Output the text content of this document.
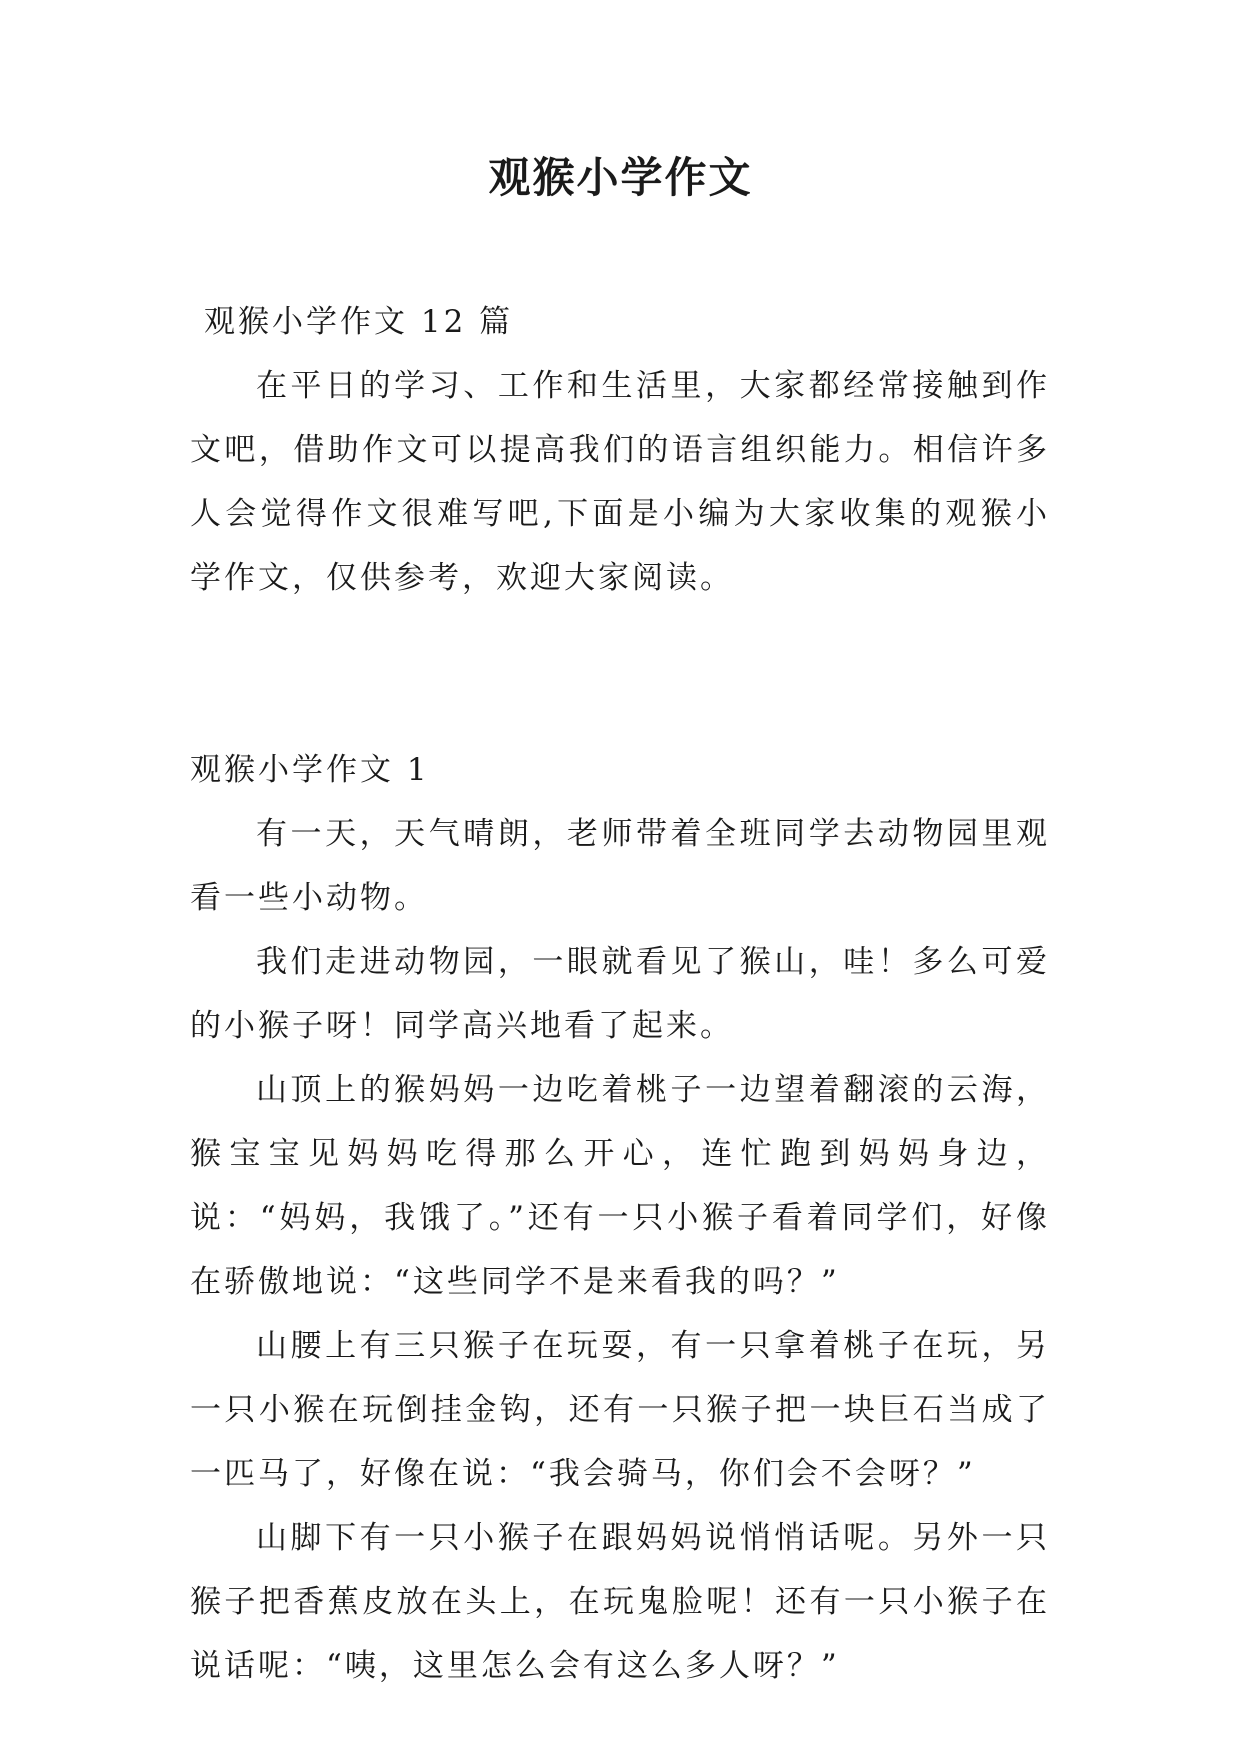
观猴小学作文

观猴小学作文 12 篇

在平日的学习、工作和生活里，大家都经常接触到作文吧，借助作文可以提高我们的语言组织能力。相信许多人会觉得作文很难写吧,下面是小编为大家收集的观猴小学作文，仅供参考，欢迎大家阅读。

观猴小学作文 1

有一天，天气晴朗，老师带着全班同学去动物园里观看一些小动物。

我们走进动物园，一眼就看见了猴山，哇！多么可爱的小猴子呀！同学高兴地看了起来。

山顶上的猴妈妈一边吃着桃子一边望着翻滚的云海，猴宝宝见妈妈吃得那么开心，连忙跑到妈妈身边，说：“妈妈，我饿了。”还有一只小猴子看着同学们，好像在骄傲地说：“这些同学不是来看我的吗？”

山腰上有三只猴子在玩耍，有一只拿着桃子在玩，另一只小猴在玩倒挂金钩，还有一只猴子把一块巨石当成了一匹马了，好像在说：“我会骑马，你们会不会呀？”

山脚下有一只小猴子在跟妈妈说悄悄话呢。另外一只猴子把香蕉皮放在头上，在玩鬼脸呢！还有一只小猴子在说话呢：“咦，这里怎么会有这么多人呀？”
